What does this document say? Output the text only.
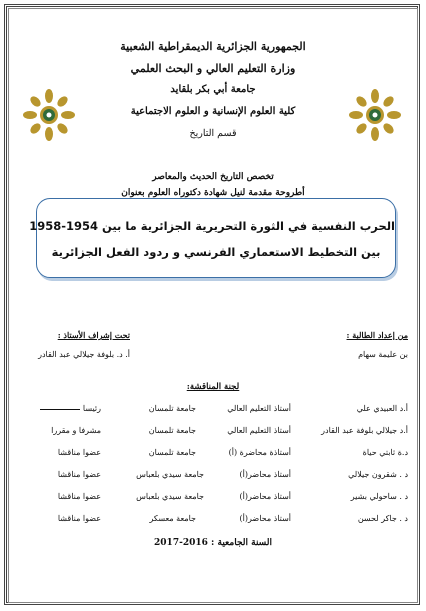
الجمهورية الجزائرية الديمقراطية الشعبية
وزارة التعليم العالي و البحث العلمي
جامعة أبي بكر بلقايد
كلية العلوم الإنسانية و العلوم الاجتماعية
قسم التاريخ
تخصص التاريخ الحديث والمعاصر
أطروحة مقدمة لنيل شهادة دكتوراه العلوم بعنوان
الحرب النفسية في الثورة التحريرية الجزائرية ما بين 1954-1958
بين التخطيط الاستعماري الفرنسي و ردود الفعل الجزائرية
من إعداد الطالبة :
بن عليمة سهام
تحت إشراف الأستاذ :
أ. د. بلوفة جيلالي عبد القادر
لجنة المناقشة:
أ.د العبيدي علي
أستاذ التعليم العالي
جامعة تلمسان
رئيسا
أ.د جيلالي بلوفة عبد القادر
أستاذ التعليم العالي
جامعة تلمسان
مشرفا و مقررا
د.ة ثابتي حياة
أستاذة محاضرة (أ)
جامعة تلمسان
عضوا مناقشا
د . شقرون جيلالي
أستاذ محاضر(أ)
جامعة سيدي بلعباس
عضوا مناقشا
د . ساحولي بشير
أستاذ محاضر(أ)
جامعة سيدي بلعباس
عضوا مناقشا
د . جاكر لحسن
أستاذ محاضر(أ)
جامعة معسكر
عضوا مناقشا
السنة الجامعية : 2016-2017
